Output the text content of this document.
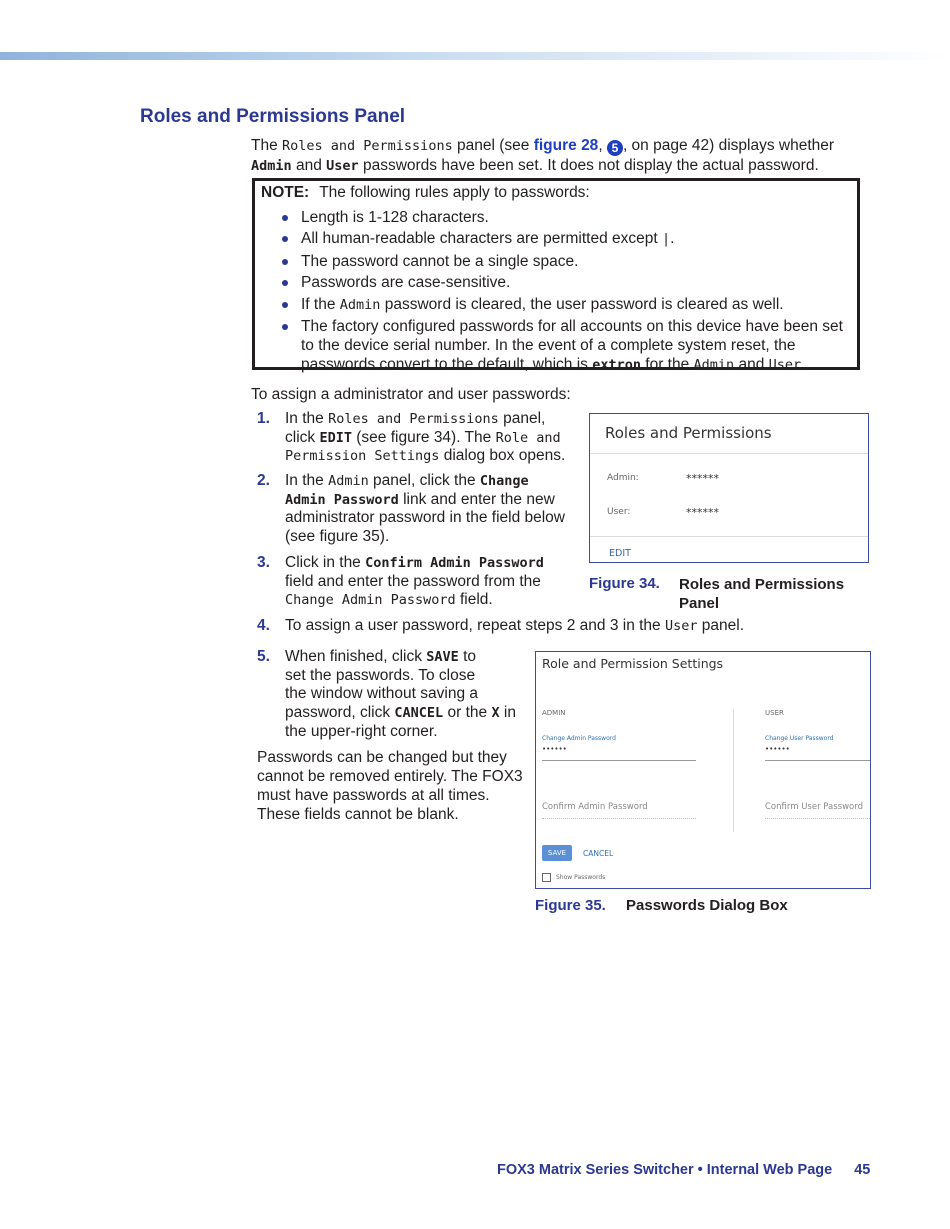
Roles and Permissions Panel
The Roles and Permissions panel (see figure 28, 5 , on page 42) displays whether
Admin and User passwords have been set. It does not display the actual password.
NOTE: The following rules apply to passwords:
Length is 1-128 characters.
All human-readable characters are permitted except |.
The password cannot be a single space.
Passwords are case-sensitive.
If the Admin password is cleared, the user password is cleared as well.
The factory configured passwords for all accounts on this device have been set to the device serial number. In the event of a complete system reset, the passwords convert to the default, which is extron for the Admin and User.
To assign a administrator and user passwords:
1. In the Roles and Permissions panel,
click EDIT (see figure 34). The Role and
Permission Settings dialog box opens.
2. In the Admin panel, click the Change
Admin Password link and enter the new
administrator password in the field below
(see figure 35).
3. Click in the Confirm Admin Password
field and enter the password from the
Change Admin Password field.
4. To assign a user password, repeat steps 2 and 3 in the User panel.
5. When finished, click SAVE to
set the passwords. To close
the window without saving a
password, click CANCEL or the X in
the upper-right corner.
Passwords can be changed but they cannot be removed entirely. The FOX3 must have passwords at all times. These fields cannot be blank.
Roles and Permissions
Admin:	******
User:	******
EDIT
Figure 34. Roles and Permissions
Panel
Role and Permission Settings
ADMIN	USER
Change Admin Password	Change User Password
••••••	••••••
Confirm Admin Password	Confirm User Password
SAVE	CANCEL
Show Passwords
Figure 35. Passwords Dialog Box
FOX3 Matrix Series Switcher • Internal Web Page 45
